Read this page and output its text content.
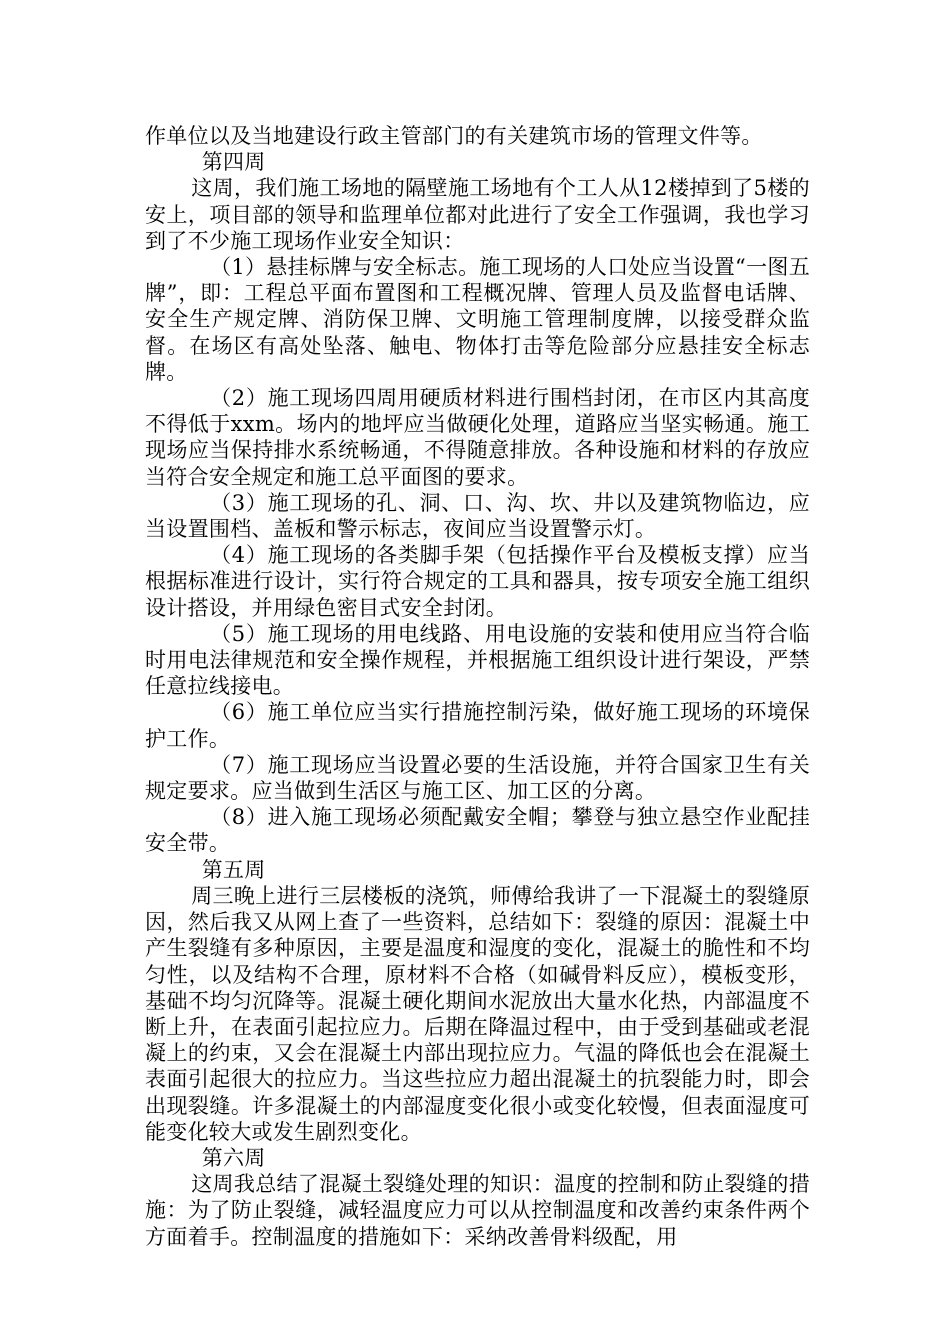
作单位以及当地建设行政主管部门的有关建筑市场的管理文件等。

第四周

这周，我们施工场地的隔壁施工场地有个工人从12楼掉到了5楼的安上，项目部的领导和监理单位都对此进行了安全工作强调，我也学习到了不少施工现场作业安全知识：

（1）悬挂标牌与安全标志。施工现场的人口处应当设置“一图五牌”，即：工程总平面布置图和工程概况牌、管理人员及监督电话牌、安全生产规定牌、消防保卫牌、文明施工管理制度牌，以接受群众监督。在场区有高处坠落、触电、物体打击等危险部分应悬挂安全标志牌。

（2）施工现场四周用硬质材料进行围档封闭，在市区内其高度不得低于xxm。场内的地坪应当做硬化处理，道路应当坚实畅通。施工现场应当保持排水系统畅通，不得随意排放。各种设施和材料的存放应当符合安全规定和施工总平面图的要求。

（3）施工现场的孔、洞、口、沟、坎、井以及建筑物临边，应当设置围档、盖板和警示标志，夜间应当设置警示灯。

（4）施工现场的各类脚手架（包括操作平台及模板支撑）应当根据标准进行设计，实行符合规定的工具和器具，按专项安全施工组织设计搭设，并用绿色密目式安全封闭。

（5）施工现场的用电线路、用电设施的安装和使用应当符合临时用电法律规范和安全操作规程，并根据施工组织设计进行架设，严禁任意拉线接电。

（6）施工单位应当实行措施控制污染，做好施工现场的环境保护工作。

（7）施工现场应当设置必要的生活设施，并符合国家卫生有关规定要求。应当做到生活区与施工区、加工区的分离。

（8）进入施工现场必须配戴安全帽；攀登与独立悬空作业配挂安全带。

第五周

周三晚上进行三层楼板的浇筑，师傅给我讲了一下混凝土的裂缝原因，然后我又从网上查了一些资料，总结如下：裂缝的原因：混凝土中产生裂缝有多种原因，主要是温度和湿度的变化，混凝土的脆性和不均匀性，以及结构不合理，原材料不合格（如碱骨料反应），模板变形，基础不均匀沉降等。混凝土硬化期间水泥放出大量水化热，内部温度不断上升，在表面引起拉应力。后期在降温过程中，由于受到基础或老混凝上的约束，又会在混凝土内部出现拉应力。气温的降低也会在混凝土表面引起很大的拉应力。当这些拉应力超出混凝土的抗裂能力时，即会出现裂缝。许多混凝土的内部湿度变化很小或变化较慢，但表面湿度可能变化较大或发生剧烈变化。

第六周

这周我总结了混凝土裂缝处理的知识：温度的控制和防止裂缝的措施：为了防止裂缝，减轻温度应力可以从控制温度和改善约束条件两个方面着手。控制温度的措施如下：采纳改善骨料级配，用
